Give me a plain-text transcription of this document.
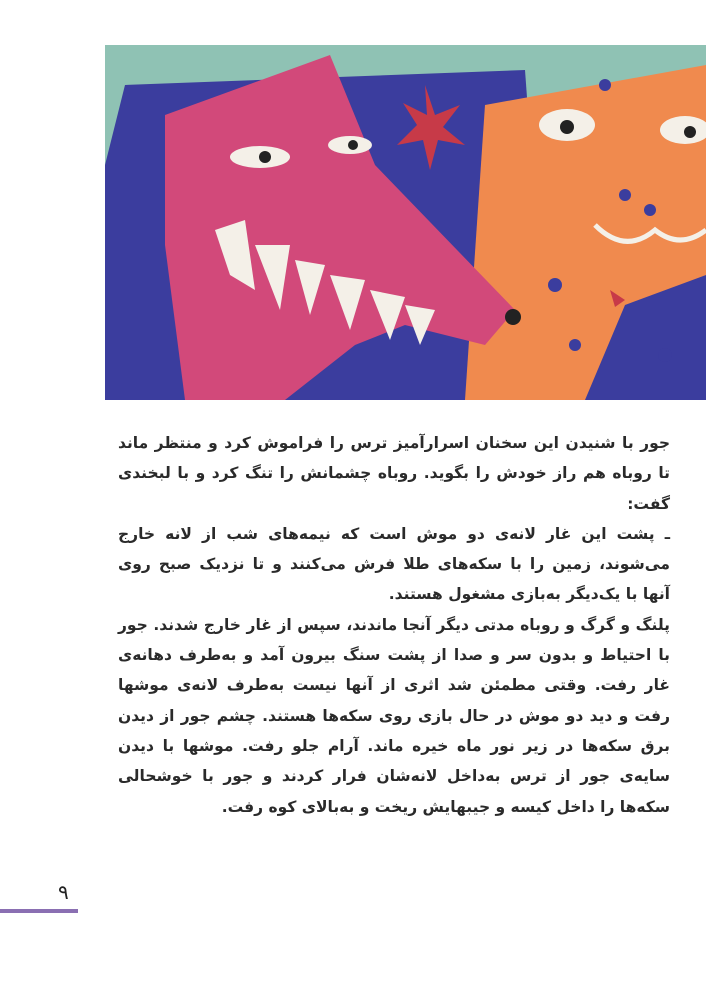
جور با شنیدن این سخنان اسرارآمیز ترس را فراموش کرد و منتظر ماند تا روباه هم راز خودش را بگوید. روباه چشمانش را تنگ کرد و با لبخندی گفت:

ـ پشت این غار لانه‌ی دو موش است که نیمه‌های شب از لانه خارج می‌شوند، زمین را با سکه‌های طلا فرش می‌کنند و تا نزدیک صبح روی آنها با یک‌دیگر به‌بازی مشغول هستند.

پلنگ و گرگ و روباه مدتی دیگر آنجا ماندند، سپس از غار خارج شدند. جور با احتیاط و بدون سر و صدا از پشت سنگ بیرون آمد و به‌طرف دهانه‌ی غار رفت. وقتی مطمئن شد اثری از آنها نیست به‌طرف لانه‌ی موشها رفت و دید دو موش در حال بازی روی سکه‌ها هستند. چشم جور از دیدن برق سکه‌ها در زیر نور ماه خیره ماند. آرام جلو رفت. موشها با دیدن سایه‌ی جور از ترس به‌داخل لانه‌شان فرار کردند و جور با خوشحالی سکه‌ها را داخل کیسه و جیبهایش ریخت و به‌بالای کوه رفت.

۹
